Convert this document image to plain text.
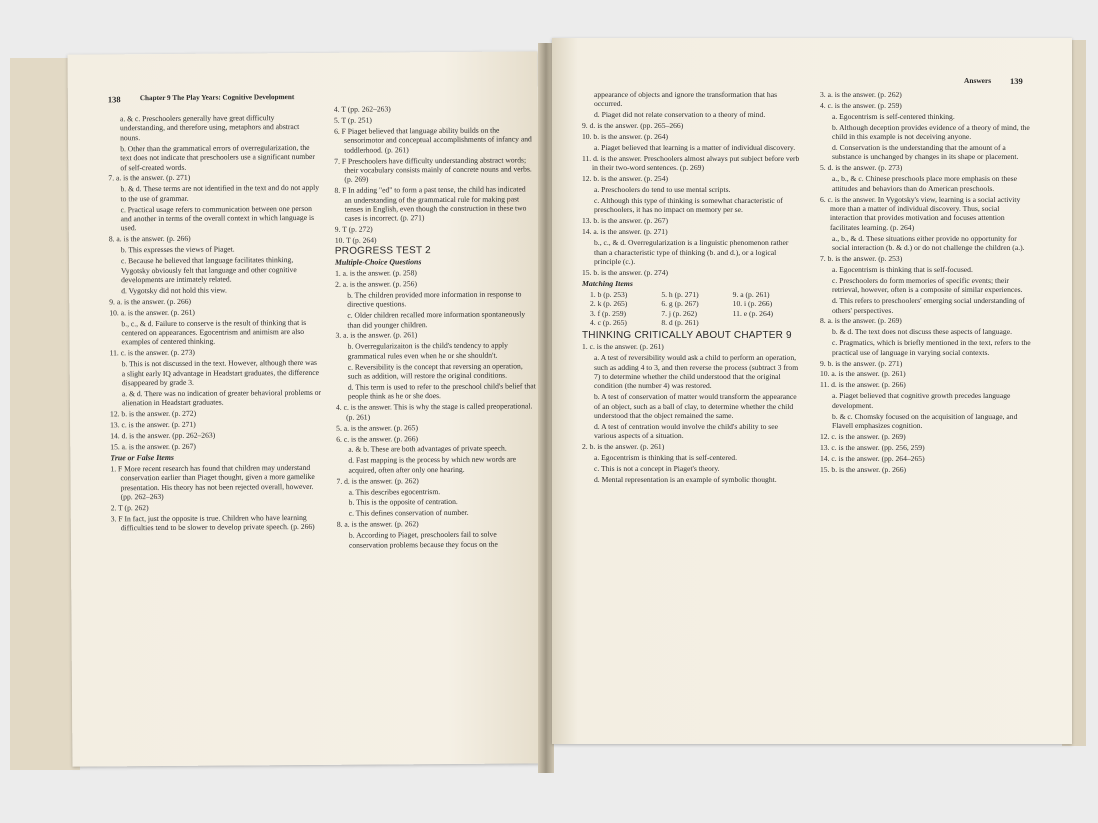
138	Chapter 9 The Play Years: Cognitive Development

a. & c. Preschoolers generally have great difficulty understanding, and therefore using, metaphors and abstract nouns.

b. Other than the grammatical errors of overregularization, the text does not indicate that preschoolers use a significant number of self-created words.

7. a. is the answer. (p. 271)

b. & d. These terms are not identified in the text and do not apply to the use of grammar.

c. Practical usage refers to communication between one person and another in terms of the overall context in which language is used.

8. a. is the answer. (p. 266)

b. This expresses the views of Piaget.

c. Because he believed that language facilitates thinking, Vygotsky obviously felt that language and other cognitive developments are intimately related.

d. Vygotsky did not hold this view.

9. a. is the answer. (p. 266)

10. a. is the answer. (p. 261)

b., c., & d. Failure to conserve is the result of thinking that is centered on appearances. Egocentrism and animism are also examples of centered thinking.

11. c. is the answer. (p. 273)

b. This is not discussed in the text. However, although there was a slight early IQ advantage in Headstart graduates, the difference disappeared by grade 3.

a. & d. There was no indication of greater behavioral problems or alienation in Headstart graduates.

12. b. is the answer. (p. 272)

13. c. is the answer. (p. 271)

14. d. is the answer. (pp. 262–263)

15. a. is the answer. (p. 267)

True or False Items

1. F More recent research has found that children may understand conservation earlier than Piaget thought, given a more gamelike presentation. His theory has not been rejected overall, however. (pp. 262–263)

2. T (p. 262)

3. F In fact, just the opposite is true. Children who have learning difficulties tend to be slower to develop private speech. (p. 266)

4. T (pp. 262–263)

5. T (p. 251)

6. F Piaget believed that language ability builds on the sensorimotor and conceptual accomplishments of infancy and toddlerhood. (p. 261)

7. F Preschoolers have difficulty understanding abstract words; their vocabulary consists mainly of concrete nouns and verbs. (p. 269)

8. F In adding "ed" to form a past tense, the child has indicated an understanding of the grammatical rule for making past tenses in English, even though the construction in these two cases is incorrect. (p. 271)

9. T (p. 272)

10. T (p. 264)

PROGRESS TEST 2

Multiple-Choice Questions

1. a. is the answer. (p. 258)

2. a. is the answer. (p. 256)

b. The children provided more information in response to directive questions.

c. Older children recalled more information spontaneously than did younger children.

3. a. is the answer. (p. 261)

b. Overregularizaiton is the child's tendency to apply grammatical rules even when he or she shouldn't.

c. Reversibility is the concept that reversing an operation, such as addition, will restore the original conditions.

d. This term is used to refer to the preschool child's belief that people think as he or she does.

4. c. is the answer. This is why the stage is called preoperational. (p. 261)

5. a. is the answer. (p. 265)

6. c. is the answer. (p. 266)

a. & b. These are both advantages of private speech.

d. Fast mapping is the process by which new words are acquired, often after only one hearing.

7. d. is the answer. (p. 262)

a. This describes egocentrism.

b. This is the opposite of centration.

c. This defines conservation of number.

8. a. is the answer. (p. 262)

b. According to Piaget, preschoolers fail to solve conservation problems because they focus on the

Answers 139

appearance of objects and ignore the transformation that has occurred.

d. Piaget did not relate conservation to a theory of mind.

9. d. is the answer. (pp. 265–266)

10. b. is the answer. (p. 264)

a. Piaget believed that learning is a matter of individual discovery.

11. d. is the answer. Preschoolers almost always put subject before verb in their two-word sentences. (p. 269)

12. b. is the answer. (p. 254)

a. Preschoolers do tend to use mental scripts.

c. Although this type of thinking is somewhat characteristic of preschoolers, it has no impact on memory per se.

13. b. is the answer. (p. 267)

14. a. is the answer. (p. 271)

b., c., & d. Overregularization is a linguistic phenomenon rather than a characteristic type of thinking (b. and d.), or a logical principle (c.).

15. b. is the answer. (p. 274)

Matching Items

1. b (p. 253)	5. h (p. 271)	9. a (p. 261)
2. k (p. 265)	6. g (p. 267)	10. i (p. 266)
3. f (p. 259)	7. j (p. 262)	11. e (p. 264)
4. c (p. 265)	8. d (p. 261)

THINKING CRITICALLY ABOUT CHAPTER 9

1. c. is the answer. (p. 261)

a. A test of reversibility would ask a child to perform an operation, such as adding 4 to 3, and then reverse the process (subtract 3 from 7) to determine whether the child understood that the original condition (the number 4) was restored.

b. A test of conservation of matter would transform the appearance of an object, such as a ball of clay, to determine whether the child understood that the object remained the same.

d. A test of centration would involve the child's ability to see various aspects of a situation.

2. b. is the answer. (p. 261)

a. Egocentrism is thinking that is self-centered.

c. This is not a concept in Piaget's theory.

d. Mental representation is an example of symbolic thought.

3. a. is the answer. (p. 262)

4. c. is the answer. (p. 259)

a. Egocentrism is self-centered thinking.

b. Although deception provides evidence of a theory of mind, the child in this example is not deceiving anyone.

d. Conservation is the understanding that the amount of a substance is unchanged by changes in its shape or placement.

5. d. is the answer. (p. 273)

a., b., & c. Chinese preschools place more emphasis on these attitudes and behaviors than do American preschools.

6. c. is the answer. In Vygotsky's view, learning is a social activity more than a matter of individual discovery. Thus, social interaction that provides motivation and focuses attention facilitates learning. (p. 264)

a., b., & d. These situations either provide no opportunity for social interaction (b. & d.) or do not challenge the children (a.).

7. b. is the answer. (p. 253)

a. Egocentrism is thinking that is self-focused.

c. Preschoolers do form memories of specific events; their retrieval, however, often is a composite of similar experiences.

d. This refers to preschoolers' emerging social understanding of others' perspectives.

8. a. is the answer. (p. 269)

b. & d. The text does not discuss these aspects of language.

c. Pragmatics, which is briefly mentioned in the text, refers to the practical use of language in varying social contexts.

9. b. is the answer. (p. 271)

10. a. is the answer. (p. 261)

11. d. is the answer. (p. 266)

a. Piaget believed that cognitive growth precedes language development.

b. & c. Chomsky focused on the acquisition of language, and Flavell emphasizes cognition.

12. c. is the answer. (p. 269)

13. c. is the answer. (pp. 256, 259)

14. c. is the answer. (pp. 264–265)

15. b. is the answer. (p. 266)
